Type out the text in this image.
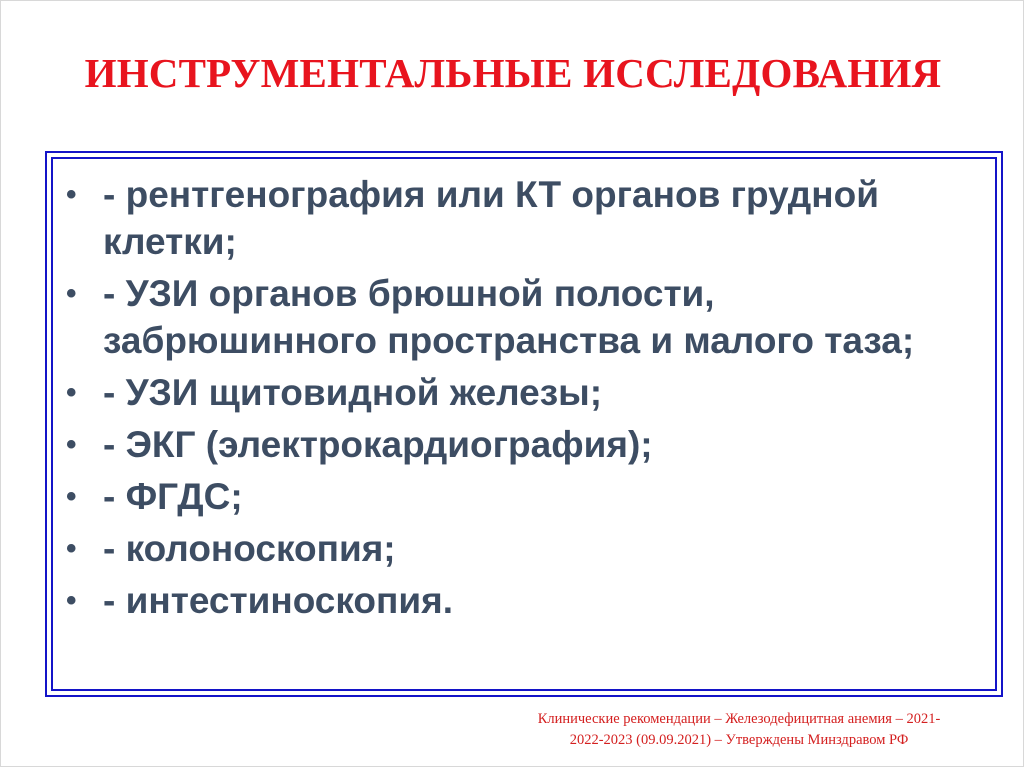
ИНСТРУМЕНТАЛЬНЫЕ ИССЛЕДОВАНИЯ
• - рентгенография или КТ органов грудной клетки;
• - УЗИ органов брюшной полости, забрюшинного пространства и малого таза;
• - УЗИ щитовидной железы;
• - ЭКГ (электрокардиография);
• - ФГДС;
• - колоноскопия;
• - интестиноскопия.
Клинические рекомендации – Железодефицитная анемия – 2021-
2022-2023 (09.09.2021) – Утверждены Минздравом РФ
